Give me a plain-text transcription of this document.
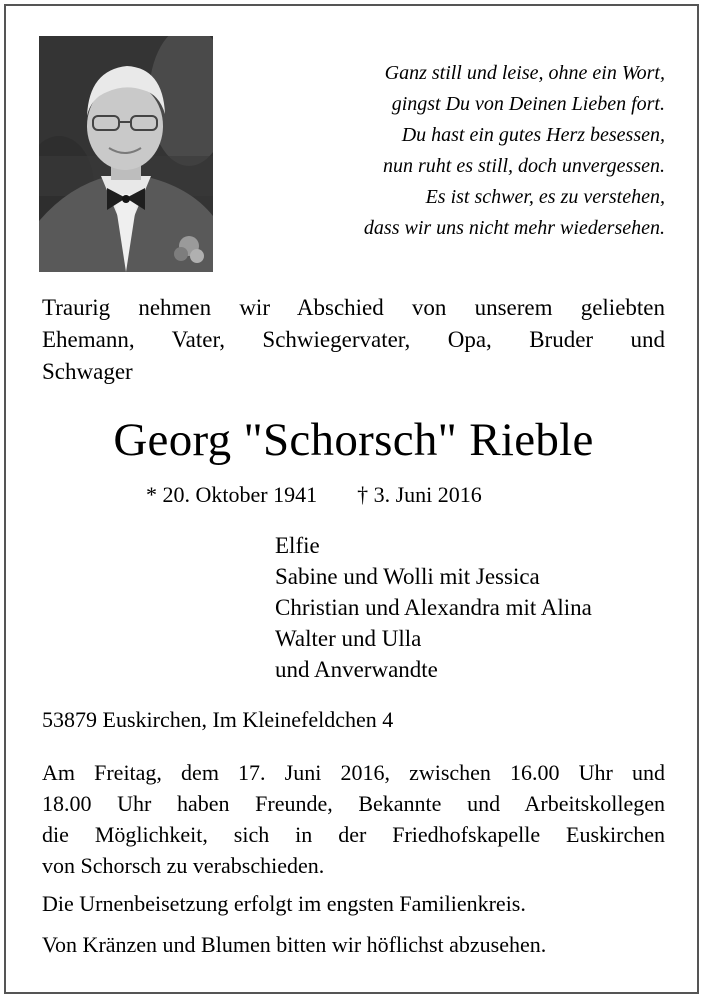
Ganz still und leise, ohne ein Wort,
gingst Du von Deinen Lieben fort.
Du hast ein gutes Herz besessen,
nun ruht es still, doch unvergessen.
Es ist schwer, es zu verstehen,
dass wir uns nicht mehr wiedersehen.
Traurig nehmen wir Abschied von unserem geliebten
Ehemann, Vater, Schwiegervater, Opa, Bruder und
Schwager
Georg "Schorsch" Rieble
* 20. Oktober 1941 † 3. Juni 2016
Elfie
Sabine und Wolli mit Jessica
Christian und Alexandra mit Alina
Walter und Ulla
und Anverwandte
53879 Euskirchen, Im Kleinefeldchen 4
Am Freitag, dem 17. Juni 2016, zwischen 16.00 Uhr und
18.00 Uhr haben Freunde, Bekannte und Arbeitskollegen
die Möglichkeit, sich in der Friedhofskapelle Euskirchen
von Schorsch zu verabschieden.
Die Urnenbeisetzung erfolgt im engsten Familienkreis.
Von Kränzen und Blumen bitten wir höflichst abzusehen.
